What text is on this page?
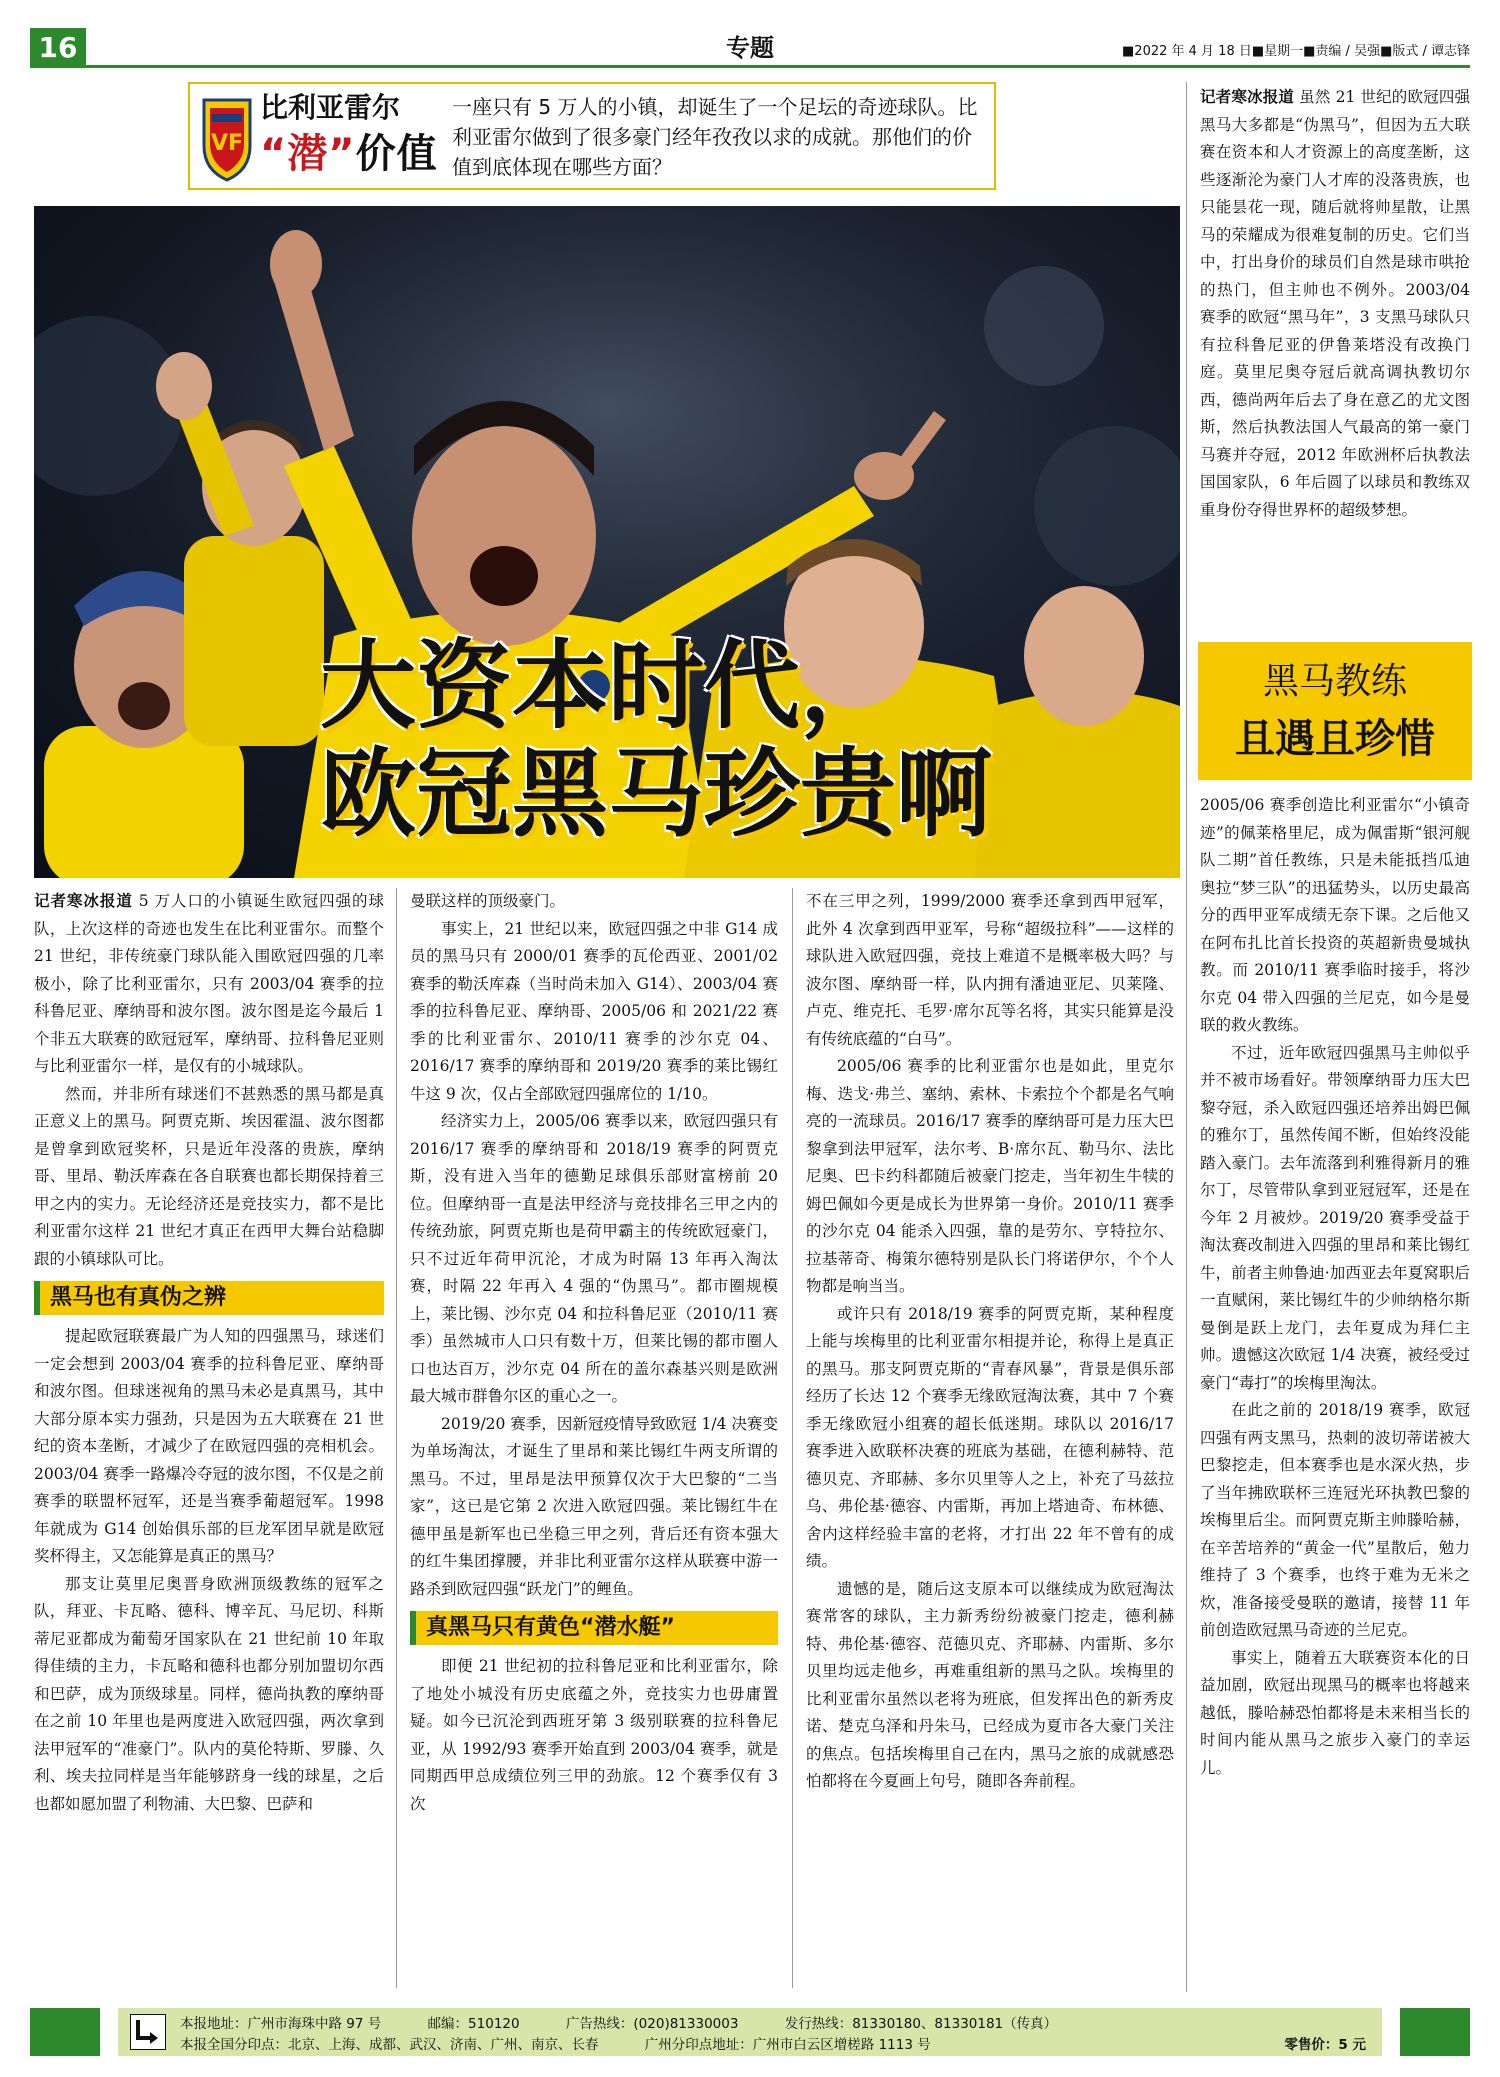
16	专题	■2022 年 4 月 18 日■星期一■责编 / 吴强■版式 / 谭志锋
VF
比利亚雷尔
“潜”价值
一座只有 5 万人的小镇，却诞生了一个足坛的奇迹球队。比利亚雷尔做到了很多豪门经年孜孜以求的成就。那他们的价值到底体现在哪些方面？
大资本时代，
欧冠黑马珍贵啊

记者寒冰报道 5 万人口的小镇诞生欧冠四强的球队，上次这样的奇迹也发生在比利亚雷尔。而整个 21 世纪，非传统豪门球队能入围欧冠四强的几率极小，除了比利亚雷尔，只有 2003/04 赛季的拉科鲁尼亚、摩纳哥和波尔图。波尔图是迄今最后 1 个非五大联赛的欧冠冠军，摩纳哥、拉科鲁尼亚则与比利亚雷尔一样，是仅有的小城球队。

然而，并非所有球迷们不甚熟悉的黑马都是真正意义上的黑马。阿贾克斯、埃因霍温、波尔图都是曾拿到欧冠奖杯，只是近年没落的贵族，摩纳哥、里昂、勒沃库森在各自联赛也都长期保持着三甲之内的实力。无论经济还是竞技实力，都不是比利亚雷尔这样 21 世纪才真正在西甲大舞台站稳脚跟的小镇球队可比。

黑马也有真伪之辨

提起欧冠联赛最广为人知的四强黑马，球迷们一定会想到 2003/04 赛季的拉科鲁尼亚、摩纳哥和波尔图。但球迷视角的黑马未必是真黑马，其中大部分原本实力强劲，只是因为五大联赛在 21 世纪的资本垄断，才减少了在欧冠四强的亮相机会。2003/04 赛季一路爆冷夺冠的波尔图，不仅是之前赛季的联盟杯冠军，还是当赛季葡超冠军。1998 年就成为 G14 创始俱乐部的巨龙军团早就是欧冠奖杯得主，又怎能算是真正的黑马？

那支让莫里尼奥晋身欧洲顶级教练的冠军之队，拜亚、卡瓦略、德科、博辛瓦、马尼切、科斯蒂尼亚都成为葡萄牙国家队在 21 世纪前 10 年取得佳绩的主力，卡瓦略和德科也都分别加盟切尔西和巴萨，成为顶级球星。同样，德尚执教的摩纳哥在之前 10 年里也是两度进入欧冠四强，两次拿到法甲冠军的“准豪门”。队内的莫伦特斯、罗滕、久利、埃夫拉同样是当年能够跻身一线的球星，之后也都如愿加盟了利物浦、大巴黎、巴萨和

曼联这样的顶级豪门。

事实上，21 世纪以来，欧冠四强之中非 G14 成员的黑马只有 2000/01 赛季的瓦伦西亚、2001/02 赛季的勒沃库森（当时尚未加入 G14）、2003/04 赛季的拉科鲁尼亚、摩纳哥、2005/06 和 2021/22 赛季的比利亚雷尔、2010/11 赛季的沙尔克 04、2016/17 赛季的摩纳哥和 2019/20 赛季的莱比锡红牛这 9 次，仅占全部欧冠四强席位的 1/10。

经济实力上，2005/06 赛季以来，欧冠四强只有 2016/17 赛季的摩纳哥和 2018/19 赛季的阿贾克斯，没有进入当年的德勤足球俱乐部财富榜前 20 位。但摩纳哥一直是法甲经济与竞技排名三甲之内的传统劲旅，阿贾克斯也是荷甲霸主的传统欧冠豪门，只不过近年荷甲沉沦，才成为时隔 13 年再入淘汰赛，时隔 22 年再入 4 强的“伪黑马”。都市圈规模上，莱比锡、沙尔克 04 和拉科鲁尼亚（2010/11 赛季）虽然城市人口只有数十万，但莱比锡的都市圈人口也达百万，沙尔克 04 所在的盖尔森基兴则是欧洲最大城市群鲁尔区的重心之一。

2019/20 赛季，因新冠疫情导致欧冠 1/4 决赛变为单场淘汰，才诞生了里昂和莱比锡红牛两支所谓的黑马。不过，里昂是法甲预算仅次于大巴黎的“二当家”，这已是它第 2 次进入欧冠四强。莱比锡红牛在德甲虽是新军也已坐稳三甲之列，背后还有资本强大的红牛集团撑腰，并非比利亚雷尔这样从联赛中游一路杀到欧冠四强“跃龙门”的鲤鱼。

真黑马只有黄色“潜水艇”

即便 21 世纪初的拉科鲁尼亚和比利亚雷尔，除了地处小城没有历史底蕴之外，竞技实力也毋庸置疑。如今已沉沦到西班牙第 3 级别联赛的拉科鲁尼亚，从 1992/93 赛季开始直到 2003/04 赛季，就是同期西甲总成绩位列三甲的劲旅。12 个赛季仅有 3 次

不在三甲之列，1999/2000 赛季还拿到西甲冠军，此外 4 次拿到西甲亚军，号称“超级拉科”——这样的球队进入欧冠四强，竞技上难道不是概率极大吗？与波尔图、摩纳哥一样，队内拥有潘迪亚尼、贝莱隆、卢克、维克托、毛罗·席尔瓦等名将，其实只能算是没有传统底蕴的“白马”。

2005/06 赛季的比利亚雷尔也是如此，里克尔梅、迭戈·弗兰、塞纳、索林、卡索拉个个都是名气响亮的一流球员。2016/17 赛季的摩纳哥可是力压大巴黎拿到法甲冠军，法尔考、B·席尔瓦、勒马尔、法比尼奥、巴卡约科都随后被豪门挖走，当年初生牛犊的姆巴佩如今更是成长为世界第一身价。2010/11 赛季的沙尔克 04 能杀入四强，靠的是劳尔、亨特拉尔、拉基蒂奇、梅策尔德特别是队长门将诺伊尔，个个人物都是响当当。

或许只有 2018/19 赛季的阿贾克斯，某种程度上能与埃梅里的比利亚雷尔相提并论，称得上是真正的黑马。那支阿贾克斯的“青春风暴”，背景是俱乐部经历了长达 12 个赛季无缘欧冠淘汰赛，其中 7 个赛季无缘欧冠小组赛的超长低迷期。球队以 2016/17 赛季进入欧联杯决赛的班底为基础，在德利赫特、范德贝克、齐耶赫、多尔贝里等人之上，补充了马兹拉乌、弗伦基·德容、内雷斯，再加上塔迪奇、布林德、舍内这样经验丰富的老将，才打出 22 年不曾有的成绩。

遗憾的是，随后这支原本可以继续成为欧冠淘汰赛常客的球队，主力新秀纷纷被豪门挖走，德利赫特、弗伦基·德容、范德贝克、齐耶赫、内雷斯、多尔贝里均远走他乡，再难重组新的黑马之队。埃梅里的比利亚雷尔虽然以老将为班底，但发挥出色的新秀皮诺、楚克乌泽和丹朱马，已经成为夏市各大豪门关注的焦点。包括埃梅里自己在内，黑马之旅的成就感恐怕都将在今夏画上句号，随即各奔前程。

记者寒冰报道 虽然 21 世纪的欧冠四强黑马大多都是“伪黑马”，但因为五大联赛在资本和人才资源上的高度垄断，这些逐渐沦为豪门人才库的没落贵族，也只能昙花一现，随后就将帅星散，让黑马的荣耀成为很难复制的历史。它们当中，打出身价的球员们自然是球市哄抢的热门，但主帅也不例外。2003/04 赛季的欧冠“黑马年”，3 支黑马球队只有拉科鲁尼亚的伊鲁莱塔没有改换门庭。莫里尼奥夺冠后就高调执教切尔西，德尚两年后去了身在意乙的尤文图斯，然后执教法国人气最高的第一豪门马赛并夺冠，2012 年欧洲杯后执教法国国家队，6 年后圆了以球员和教练双重身份夺得世界杯的超级梦想。

黑马教练
且遇且珍惜

2005/06 赛季创造比利亚雷尔“小镇奇迹”的佩莱格里尼，成为佩雷斯“银河舰队二期”首任教练，只是未能抵挡瓜迪奥拉“梦三队”的迅猛势头，以历史最高分的西甲亚军成绩无奈下课。之后他又在阿布扎比首长投资的英超新贵曼城执教。而 2010/11 赛季临时接手，将沙尔克 04 带入四强的兰尼克，如今是曼联的救火教练。

不过，近年欧冠四强黑马主帅似乎并不被市场看好。带领摩纳哥力压大巴黎夺冠，杀入欧冠四强还培养出姆巴佩的雅尔丁，虽然传闻不断，但始终没能踏入豪门。去年流落到利雅得新月的雅尔丁，尽管带队拿到亚冠冠军，还是在今年 2 月被炒。2019/20 赛季受益于淘汰赛改制进入四强的里昂和莱比锡红牛，前者主帅鲁迪·加西亚去年夏窝职后一直赋闲，莱比锡红牛的少帅纳格尔斯曼倒是跃上龙门，去年夏成为拜仁主帅。遗憾这次欧冠 1/4 决赛，被经受过豪门“毒打”的埃梅里淘汰。

在此之前的 2018/19 赛季，欧冠四强有两支黑马，热刺的波切蒂诺被大巴黎挖走，但本赛季也是水深火热，步了当年拂欧联杯三连冠光环执教巴黎的埃梅里后尘。而阿贾克斯主帅滕哈赫，在辛苦培养的“黄金一代”星散后，勉力维持了 3 个赛季，也终于难为无米之炊，准备接受曼联的邀请，接替 11 年前创造欧冠黑马奇迹的兰尼克。

事实上，随着五大联赛资本化的日益加剧，欧冠出现黑马的概率也将越来越低，滕哈赫恐怕都将是未来相当长的时间内能从黑马之旅步入豪门的幸运儿。

本报地址：广州市海珠中路 97 号	邮编：510120	广告热线：(020)81330003	发行热线：81330180、81330181（传真）
本报全国分印点：北京、上海、成都、武汉、济南、广州、南京、长春	广州分印点地址：广州市白云区增槎路 1113 号	零售价：5 元
